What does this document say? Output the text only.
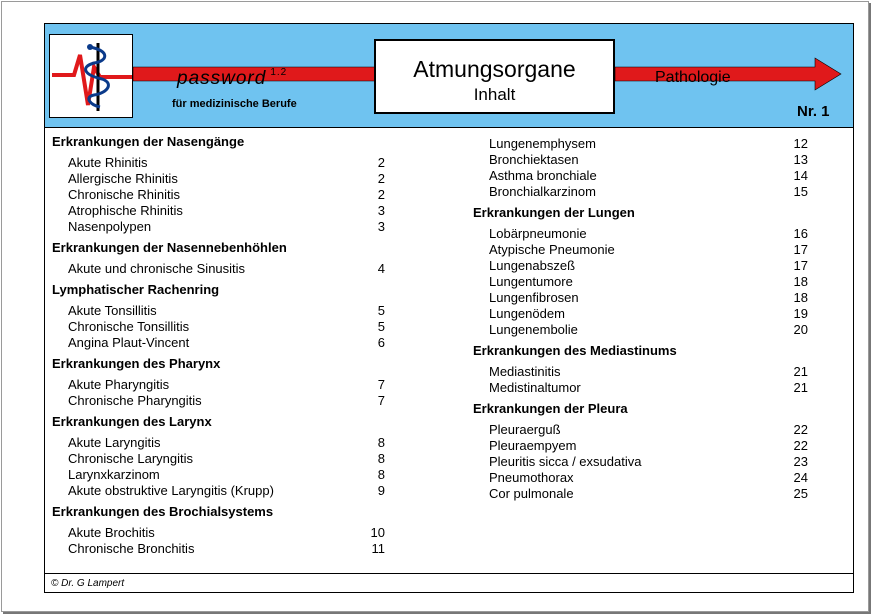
password $^{1.2}$
für medizinische Berufe
Atmungsorgane
Inhalt
Pathologie
Nr. 1
Erkrankungen der Nasengänge
Akute Rhinitis	2
Allergische Rhinitis	2
Chronische Rhinitis	2
Atrophische Rhinitis	3
Nasenpolypen	3
Erkrankungen der Nasennebenhöhlen
Akute und chronische Sinusitis	4
Lymphatischer Rachenring
Akute Tonsillitis	5
Chronische Tonsillitis	5
Angina Plaut-Vincent	6
Erkrankungen des Pharynx
Akute Pharyngitis	7
Chronische Pharyngitis	7
Erkrankungen des Larynx
Akute Laryngitis	8
Chronische Laryngitis	8
Larynxkarzinom	8
Akute obstruktive Laryngitis (Krupp)	9
Erkrankungen des Brochialsystems
Akute Brochitis	10
Chronische Bronchitis	11
Lungenemphysem	12
Bronchiektasen	13
Asthma bronchiale	14
Bronchialkarzinom	15
Erkrankungen der Lungen
Lobärpneumonie	16
Atypische Pneumonie	17
Lungenabszeß	17
Lungentumore	18
Lungenfibrosen	18
Lungenödem	19
Lungenembolie	20
Erkrankungen des Mediastinums
Mediastinitis	21
Medistinaltumor	21
Erkrankungen der Pleura
Pleuraerguß	22
Pleuraempyem	22
Pleuritis sicca / exsudativa	23
Pneumothorax	24
Cor pulmonale	25
© Dr. G Lampert
